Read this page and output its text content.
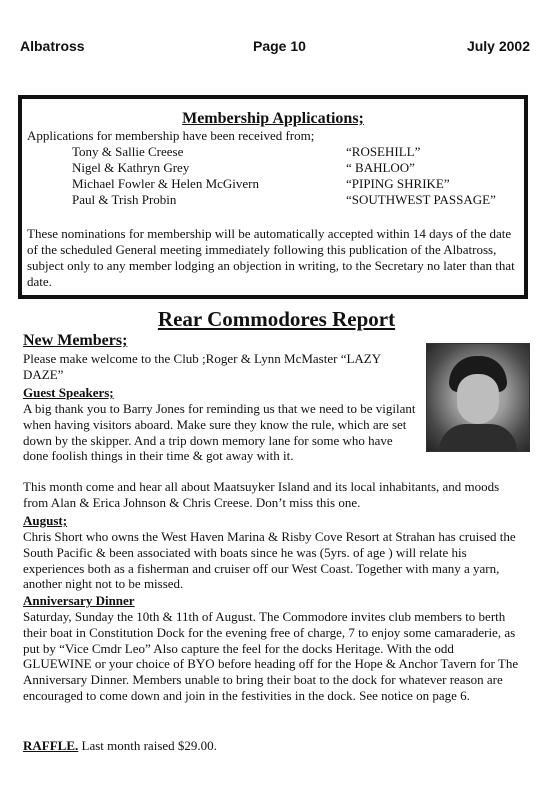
Albatross	Page 10	July 2002
Membership Applications;
Applications for membership have been received from;
Tony & Sallie Creese	“ROSEHILL”
Nigel & Kathryn Grey	“ BAHLOO”
Michael Fowler & Helen McGivern	“PIPING SHRIKE”
Paul & Trish Probin	“SOUTHWEST PASSAGE”
These nominations for membership will be automatically accepted within 14 days of the date of the scheduled General meeting immediately following this publication of the Albatross, subject only to any member lodging an objection in writing, to the Secretary no later than that date.
Rear Commodores Report
New Members;
Please make welcome to the Club ;Roger & Lynn McMaster “LAZY DAZE”
Guest Speakers;
A big thank you to Barry Jones for reminding us that we need to be vigilant when having visitors aboard. Make sure they know the rule, which are set down by the skipper. And a trip down memory lane for some who have done foolish things in their time & got away with it.
This month come and hear all about Maatsuyker Island and its local inhabitants, and moods from Alan & Erica Johnson & Chris Creese. Don’t miss this one.
August;
Chris Short who owns the West Haven Marina & Risby Cove Resort at Strahan has cruised the South Pacific & been associated with boats since he was (5yrs. of age ) will relate his experiences both as a fisherman and cruiser off our West Coast. Together with many a yarn, another night not to be missed.
Anniversary Dinner
Saturday, Sunday the 10th & 11th of August. The Commodore invites club members to berth their boat in Constitution Dock for the evening free of charge, 7 to enjoy some camaraderie, as put by “Vice Cmdr Leo” Also capture the feel for the docks Heritage. With the odd GLUEWINE or your choice of BYO before heading off for the Hope & Anchor Tavern for The Anniversary Dinner. Members unable to bring their boat to the dock for whatever reason are encouraged to come down and join in the festivities in the dock. See notice on page 6.
RAFFLE. Last month raised $29.00.
